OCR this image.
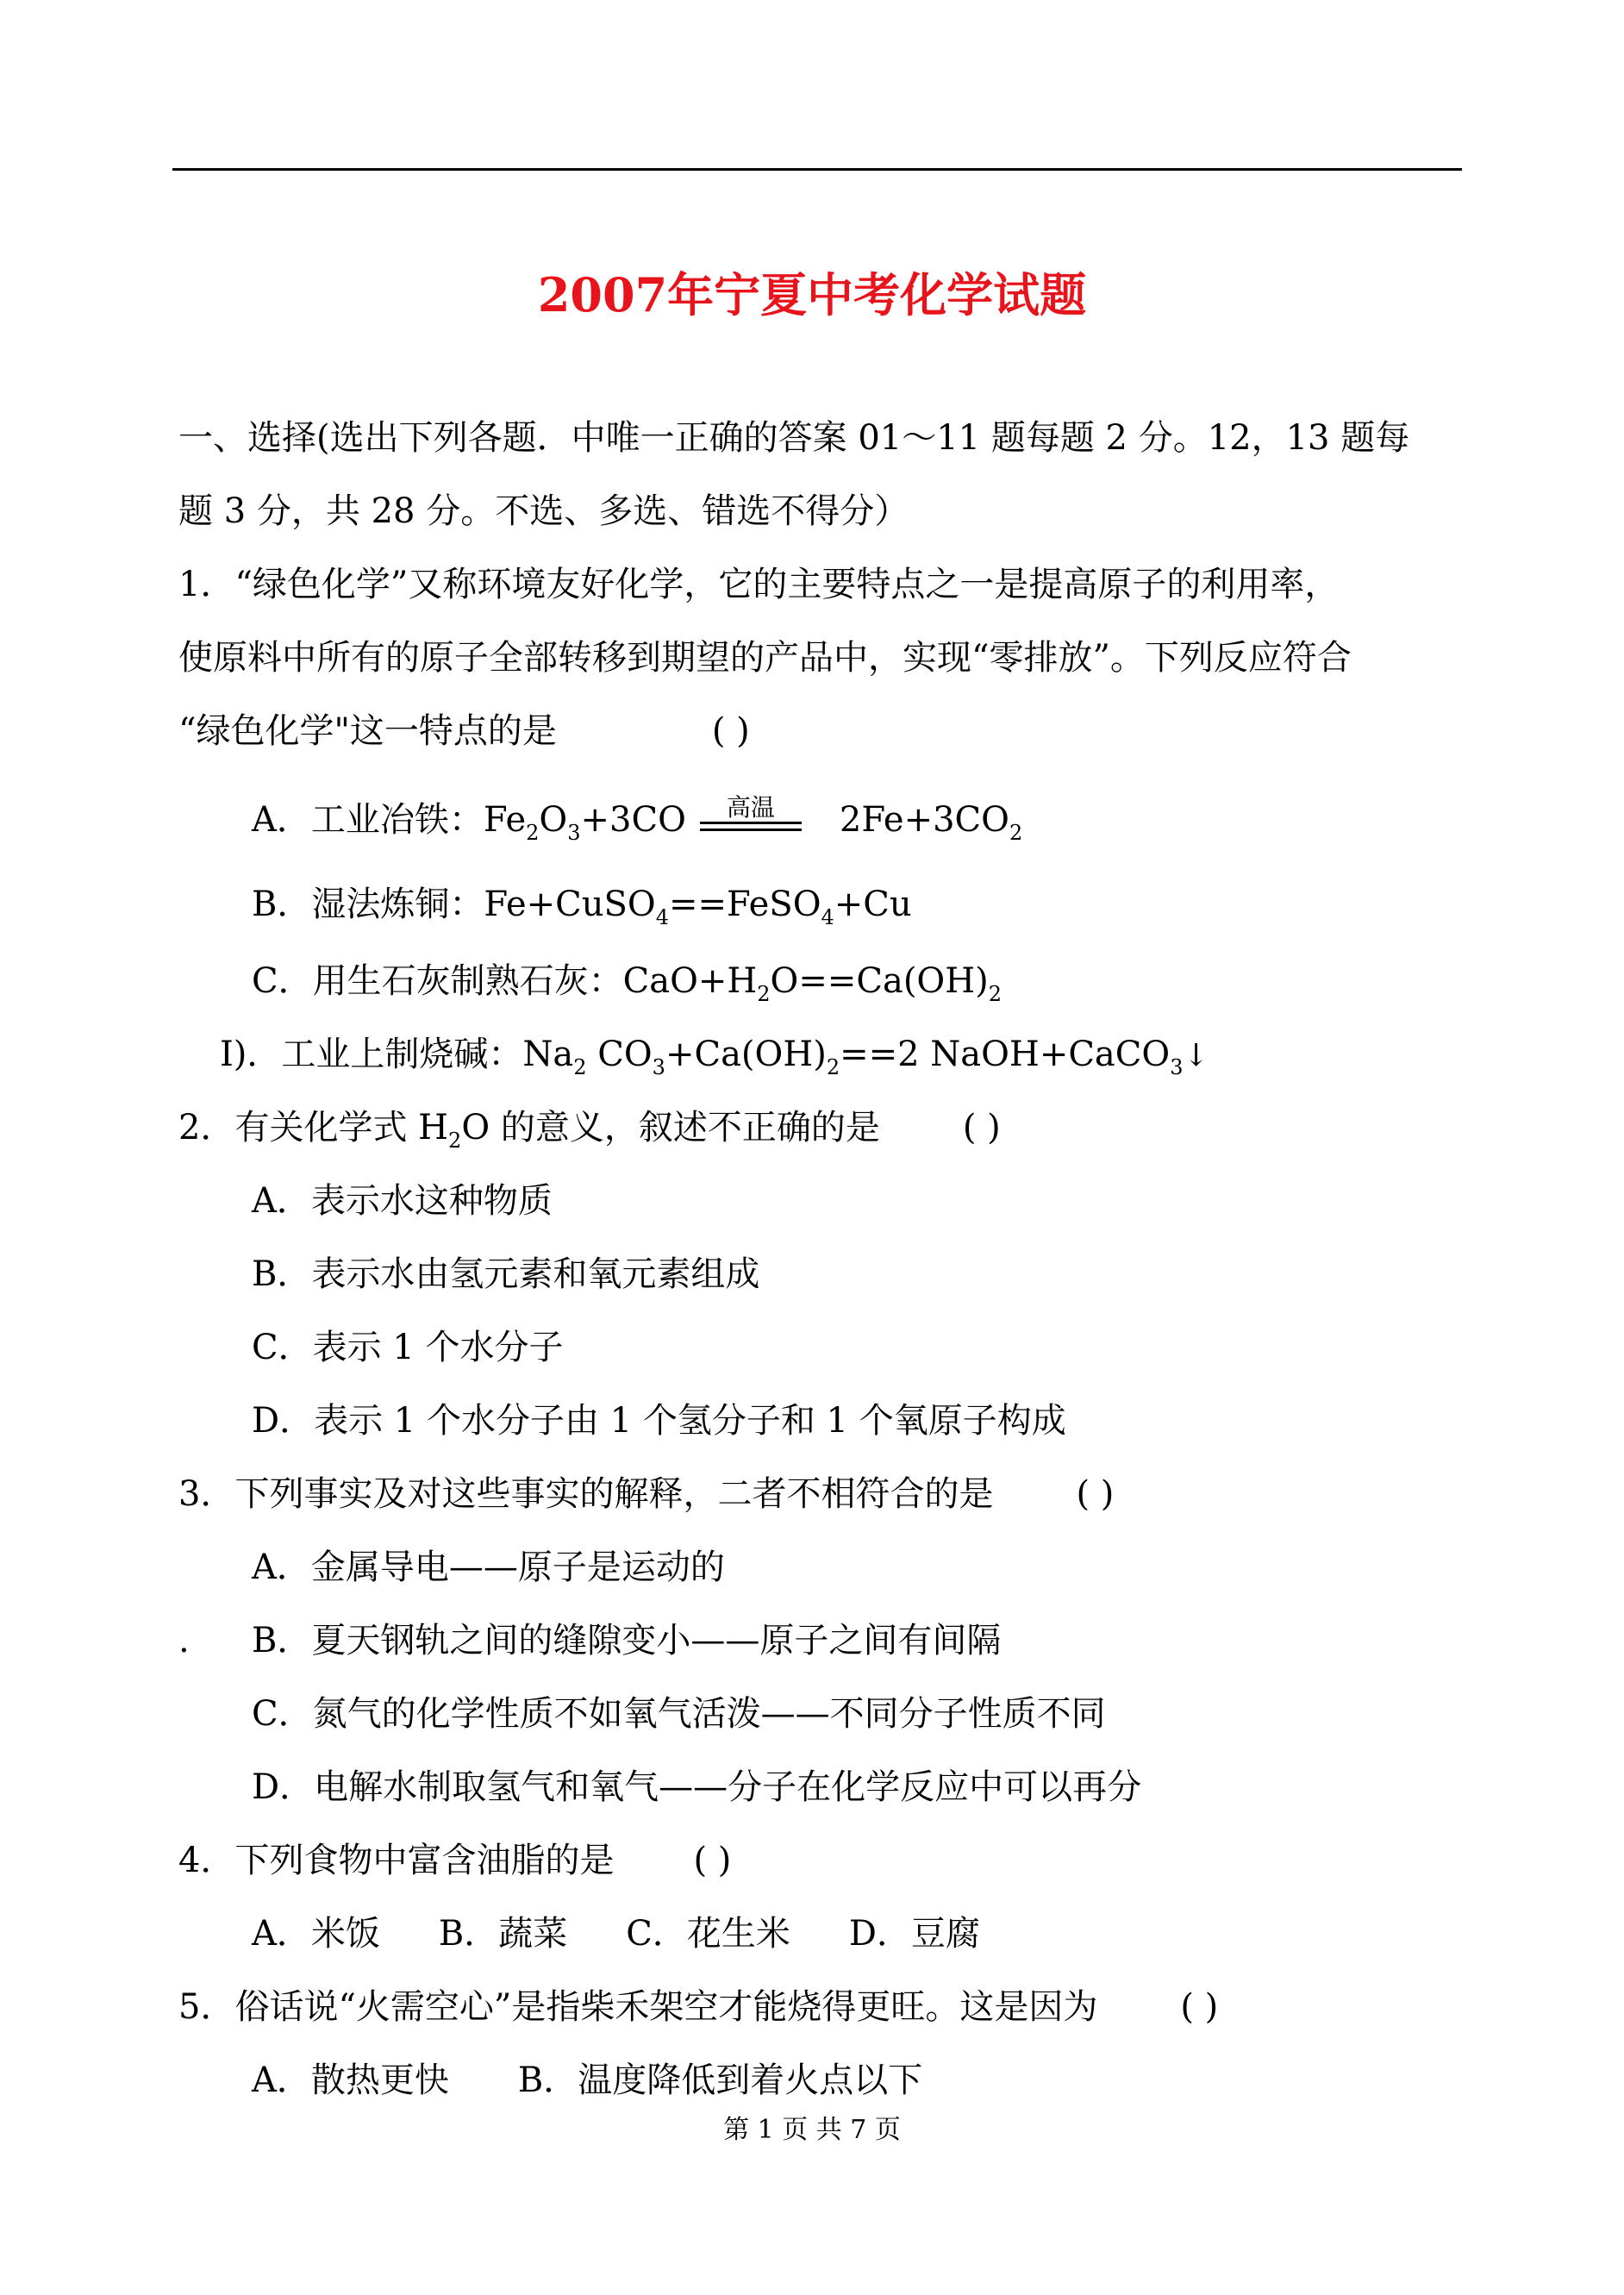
2007年宁夏中考化学试题
一、选择(选出下列各题．中唯一正确的答案 01～11 题每题 2 分。12，13 题每
题 3 分，共 28 分。不选、多选、错选不得分）
1．“绿色化学”又称环境友好化学，它的主要特点之一是提高原子的利用率，
使原料中所有的原子全部转移到期望的产品中，实现“零排放”。下列反应符合
“绿色化学"这一特点的是	( )
A．工业冶铁：$Fe_2O_3+3CO$	高温	$2Fe+3CO_2$
B．湿法炼铜：Fe+CuSO$_4$==FeSO$_4$+Cu
C．用生石灰制熟石灰：$CaO+H_2O==Ca(OH)_2$
I)．工业上制烧碱：$Na_2$ $CO_3+Ca(OH)_2==2$ NaOH+CaCO$_3$↓
2．有关化学式 $H_2O$ 的意义，叙述不正确的是 ( )
A．表示水这种物质
B．表示水由氢元素和氧元素组成
C．表示 1 个水分子
D．表示 1 个水分子由 1 个氢分子和 1 个氧原子构成
3．下列事实及对这些事实的解释，二者不相符合的是 ( )
A．金属导电——原子是运动的
. B．夏天钢轨之间的缝隙变小——原子之间有间隔
C．氮气的化学性质不如氧气活泼——不同分子性质不同
D．电解水制取氢气和氧气——分子在化学反应中可以再分
4．下列食物中富含油脂的是 ( )
A．米饭 B．蔬菜 C．花生米 D．豆腐
5．俗话说“火需空心”是指柴禾架空才能烧得更旺。这是因为 ( )
A．散热更快 B．温度降低到着火点以下
第 1 页 共 7 页
